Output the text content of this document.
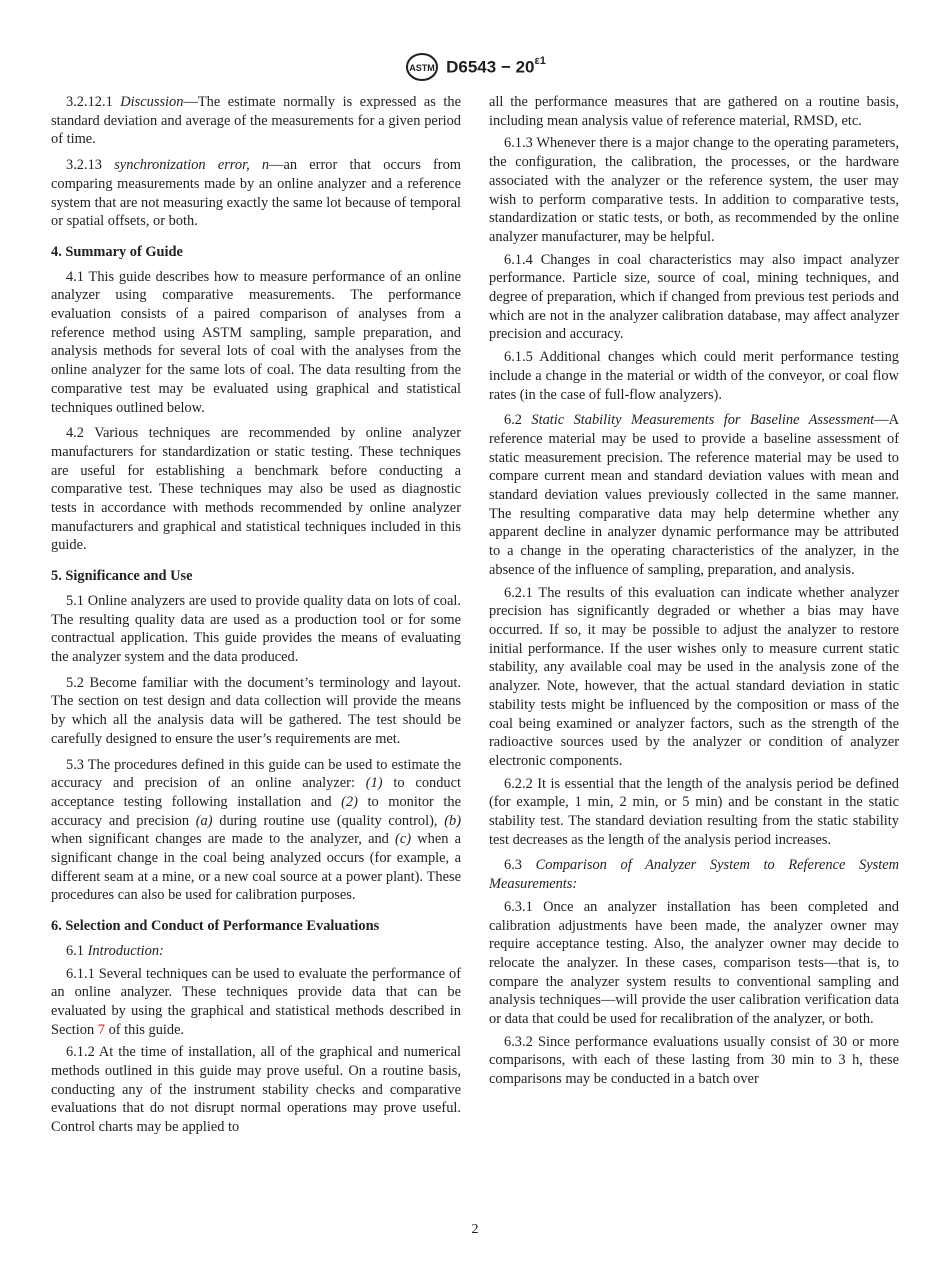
ASTM $D6543 - 20^{\varepsilon 1}$

3.2.12.1 Discussion—The estimate normally is expressed as the standard deviation and average of the measurements for a given period of time.

3.2.13 synchronization error, n—an error that occurs from comparing measurements made by an online analyzer and a reference system that are not measuring exactly the same lot because of temporal or spatial offsets, or both.

4. Summary of Guide

4.1 This guide describes how to measure performance of an online analyzer using comparative measurements. The performance evaluation consists of a paired comparison of analyses from a reference method using ASTM sampling, sample preparation, and analysis methods for several lots of coal with the analyses from the online analyzer for the same lots of coal. The data resulting from the comparative test may be evaluated using graphical and statistical techniques outlined below.

4.2 Various techniques are recommended by online analyzer manufacturers for standardization or static testing. These techniques are useful for establishing a benchmark before conducting a comparative test. These techniques may also be used as diagnostic tests in accordance with methods recommended by online analyzer manufacturers and graphical and statistical techniques included in this guide.

5. Significance and Use

5.1 Online analyzers are used to provide quality data on lots of coal. The resulting quality data are used as a production tool or for some contractual application. This guide provides the means of evaluating the analyzer system and the data produced.

5.2 Become familiar with the document’s terminology and layout. The section on test design and data collection will provide the means by which all the analysis data will be gathered. The test should be carefully designed to ensure the user’s requirements are met.

5.3 The procedures defined in this guide can be used to estimate the accuracy and precision of an online analyzer: (1) to conduct acceptance testing following installation and (2) to monitor the accuracy and precision (a) during routine use (quality control), (b) when significant changes are made to the analyzer, and (c) when a significant change in the coal being analyzed occurs (for example, a different seam at a mine, or a new coal source at a power plant). These procedures can also be used for calibration purposes.

6. Selection and Conduct of Performance Evaluations

6.1 Introduction:

6.1.1 Several techniques can be used to evaluate the performance of an online analyzer. These techniques provide data that can be evaluated by using the graphical and statistical methods described in Section 7 of this guide.

6.1.2 At the time of installation, all of the graphical and numerical methods outlined in this guide may prove useful. On a routine basis, conducting any of the instrument stability checks and comparative evaluations that do not disrupt normal operations may prove useful. Control charts may be applied to

all the performance measures that are gathered on a routine basis, including mean analysis value of reference material, RMSD, etc.

6.1.3 Whenever there is a major change to the operating parameters, the configuration, the calibration, the processes, or the hardware associated with the analyzer or the reference system, the user may wish to perform comparative tests. In addition to comparative tests, standardization or static tests, or both, as recommended by the online analyzer manufacturer, may be helpful.

6.1.4 Changes in coal characteristics may also impact analyzer performance. Particle size, source of coal, mining techniques, and degree of preparation, which if changed from previous test periods and which are not in the analyzer calibration database, may affect analyzer precision and accuracy.

6.1.5 Additional changes which could merit performance testing include a change in the material or width of the conveyor, or coal flow rates (in the case of full-flow analyzers).

6.2 Static Stability Measurements for Baseline Assessment—A reference material may be used to provide a baseline assessment of static measurement precision. The reference material may be used to compare current mean and standard deviation values with mean and standard deviation values previously collected in the same manner. The resulting comparative data may help determine whether any apparent decline in analyzer dynamic performance may be attributed to a change in the operating characteristics of the analyzer, in the absence of the influence of sampling, preparation, and analysis.

6.2.1 The results of this evaluation can indicate whether analyzer precision has significantly degraded or whether a bias may have occurred. If so, it may be possible to adjust the analyzer to restore initial performance. If the user wishes only to measure current static stability, any available coal may be used in the analysis zone of the analyzer. Note, however, that the actual standard deviation in static stability tests might be influenced by the composition or mass of the coal being examined or analyzer factors, such as the strength of the radioactive sources used by the analyzer or condition of analyzer electronic components.

6.2.2 It is essential that the length of the analysis period be defined (for example, 1 min, 2 min, or 5 min) and be constant in the static stability test. The standard deviation resulting from the static stability test decreases as the length of the analysis period increases.

6.3 Comparison of Analyzer System to Reference System Measurements:

6.3.1 Once an analyzer installation has been completed and calibration adjustments have been made, the analyzer owner may require acceptance testing. Also, the analyzer owner may decide to relocate the analyzer. In these cases, comparison tests—that is, to compare the analyzer system results to conventional sampling and analysis techniques—will provide the user calibration verification data or data that could be used for recalibration of the analyzer, or both.

6.3.2 Since performance evaluations usually consist of 30 or more comparisons, with each of these lasting from 30 min to 3 h, these comparisons may be conducted in a batch over

2
